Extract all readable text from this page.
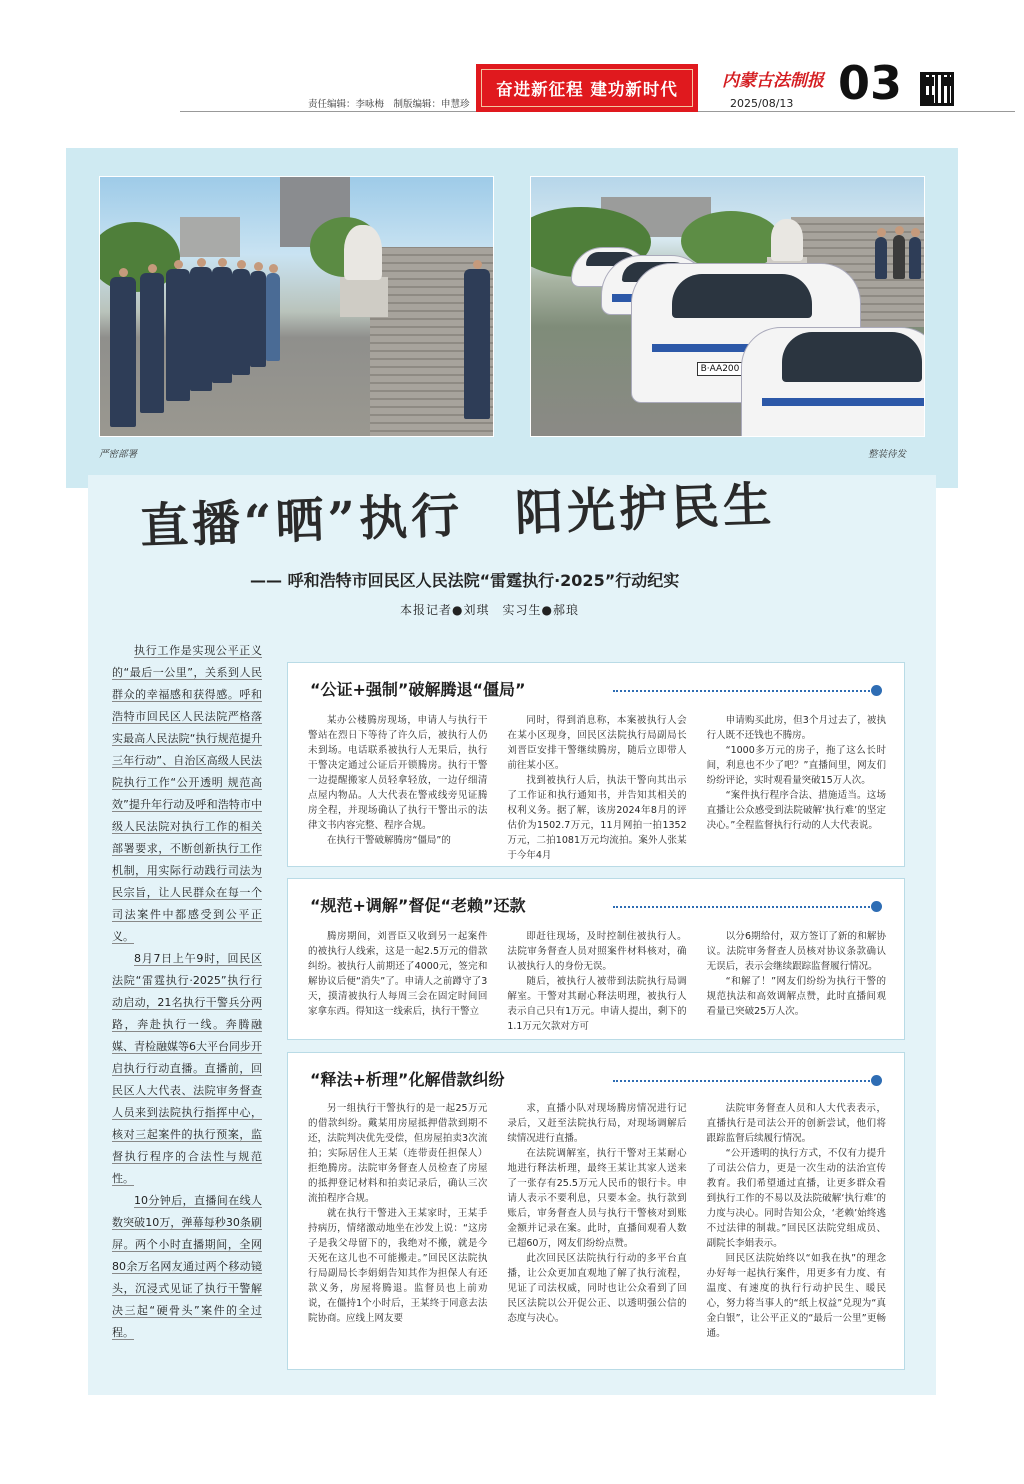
责任编辑：李咏梅　制版编辑：申慧珍
奋进新征程 建功新时代	内蒙古法制报
2025/08/13 03
严密部署
B·AA200
整装待发
直播“晒”执行　阳光护民生
—— 呼和浩特市回民区人民法院“雷霆执行·2025”行动纪实
本报记者●刘琪　实习生●郝琅

执行工作是实现公平正义的“最后一公里”，关系到人民群众的幸福感和获得感。呼和浩特市回民区人民法院严格落实最高人民法院“执行规范提升三年行动”、自治区高级人民法院执行工作“公开透明 规范高效”提升年行动及呼和浩特市中级人民法院对执行工作的相关部署要求，不断创新执行工作机制，用实际行动践行司法为民宗旨，让人民群众在每一个司法案件中都感受到公平正义。

8月7日上午9时，回民区法院“雷霆执行·2025”执行行动启动，21名执行干警兵分两路，奔赴执行一线。奔腾融媒、青检融媒等6大平台同步开启执行行动直播。直播前，回民区人大代表、法院审务督查人员来到法院执行指挥中心，核对三起案件的执行预案，监督执行程序的合法性与规范性。

10分钟后，直播间在线人数突破10万，弹幕每秒30条刷屏。两个小时直播期间，全网80余万名网友通过两个移动镜头，沉浸式见证了执行干警解决三起“硬骨头”案件的全过程。

“公证+强制”破解腾退“僵局”

某办公楼腾房现场，申请人与执行干警站在烈日下等待了许久后，被执行人仍未到场。电话联系被执行人无果后，执行干警决定通过公证后开锁腾房。执行干警一边提醒搬家人员轻拿轻放，一边仔细清点屋内物品。人大代表在警戒线旁见证腾房全程，并现场确认了执行干警出示的法律文书内容完整、程序合规。

在执行干警破解腾房“僵局”的

同时，得到消息称，本案被执行人会在某小区现身，回民区法院执行局副局长刘晋臣安排干警继续腾房，随后立即带人前往某小区。

找到被执行人后，执法干警向其出示了工作证和执行通知书，并告知其相关的权利义务。据了解，该房2024年8月的评估价为1502.7万元，11月网拍一拍1352万元，二拍1081万元均流拍。案外人张某于今年4月

申请购买此房，但3个月过去了，被执行人既不还钱也不腾房。

“1000多万元的房子，拖了这么长时间，利息也不少了吧？”直播间里，网友们纷纷评论，实时观看量突破15万人次。

“案件执行程序合法、措施适当。这场直播让公众感受到法院破解‘执行难’的坚定决心。”全程监督执行行动的人大代表说。

“规范+调解”督促“老赖”还款

腾房期间，刘晋臣又收到另一起案件的被执行人线索，这是一起2.5万元的借款纠纷。被执行人前期还了4000元，签完和解协议后便“消失”了。申请人之前蹲守了3天，摸清被执行人每周三会在固定时间回家拿东西。得知这一线索后，执行干警立

即赶往现场，及时控制住被执行人。法院审务督查人员对照案件材料核对，确认被执行人的身份无误。

随后，被执行人被带到法院执行局调解室。干警对其耐心释法明理，被执行人表示自己只有1万元。申请人提出，剩下的1.1万元欠款对方可

以分6期给付，双方签订了新的和解协议。法院审务督查人员核对协议条款确认无误后，表示会继续跟踪监督履行情况。

“和解了！”网友们纷纷为执行干警的规范执法和高效调解点赞，此时直播间观看量已突破25万人次。

“释法+析理”化解借款纠纷

另一组执行干警执行的是一起25万元的借款纠纷。戴某用房屋抵押借款到期不还，法院判决优先受偿，但房屋拍卖3次流拍；实际居住人王某（连带责任担保人）拒绝腾房。法院审务督查人员检查了房屋的抵押登记材料和拍卖记录后，确认三次流拍程序合规。

就在执行干警进入王某家时，王某手持病历，情绪激动地坐在沙发上说：“这房子是我父母留下的，我绝对不搬，就是今天死在这儿也不可能搬走。”回民区法院执行局副局长李娟娟告知其作为担保人有还款义务，房屋将腾退。监督员也上前劝说，在僵持1个小时后，王某终于同意去法院协商。应线上网友要

求，直播小队对现场腾房情况进行记录后，又赶至法院执行局，对现场调解后续情况进行直播。

在法院调解室，执行干警对王某耐心地进行释法析理，最终王某让其家人送来了一张存有25.5万元人民币的银行卡。申请人表示不要利息，只要本金。执行款到账后，审务督查人员与执行干警核对到账金额并记录在案。此时，直播间观看人数已超60万，网友们纷纷点赞。

此次回民区法院执行行动的多平台直播，让公众更加直观地了解了执行流程，见证了司法权威，同时也让公众看到了回民区法院以公开促公正、以透明强公信的态度与决心。

法院审务督查人员和人大代表表示，直播执行是司法公开的创新尝试，他们将跟踪监督后续履行情况。

“公开透明的执行方式，不仅有力提升了司法公信力，更是一次生动的法治宣传教育。我们希望通过直播，让更多群众看到执行工作的不易以及法院破解‘执行难’的力度与决心。同时告知公众，‘老赖’始终逃不过法律的制裁。”回民区法院党组成员、副院长李娟表示。

回民区法院始终以“如我在执”的理念办好每一起执行案件，用更多有力度、有温度、有速度的执行行动护民生、暖民心，努力将当事人的“纸上权益”兑现为“真金白银”，让公平正义的“最后一公里”更畅通。
